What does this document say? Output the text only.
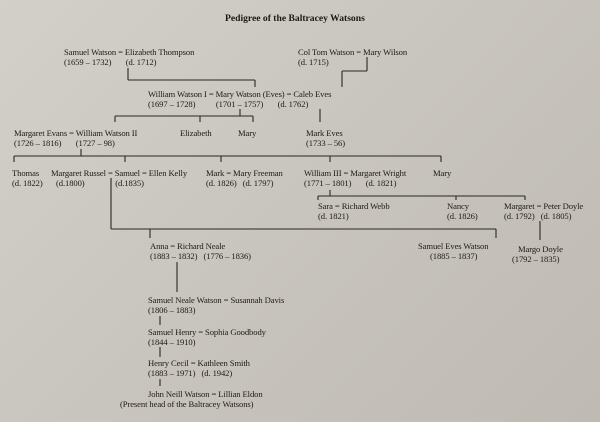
Pedigree of the Baltracey Watsons
Samuel Watson = Elizabeth Thompson
(1659 – 1732)       (d. 1712)
Col Tom Watson = Mary Wilson
(d. 1715)
William Watson I = Mary Watson (Eves) = Caleb Eves
(1697 – 1728)          (1701 – 1757)       (d. 1762)
Margaret Evans = William Watson II
(1726 – 1816)       (1727 – 98)
Elizabeth	Mary	Mark Eves
(1733 – 56)
Thomas
(d. 1822)
Margaret Russel = Samuel = Ellen Kelly
(d.1800)               (d.1835)
Mark = Mary Freeman
(d. 1826)   (d. 1797)
William III = Margaret Wright
(1771 – 1801)       (d. 1821)
Mary
Sara = Richard Webb
(d. 1821)
Nancy
(d. 1826)
Margaret = Peter Doyle
(d. 1792)   (d. 1805)
Anna = Richard Neale
(1883 – 1832)   (1776 – 1836)
Samuel Eves Watson
(1885 – 1837)
Margo Doyle
(1792 – 1835)
Samuel Neale Watson = Susannah Davis
(1806 – 1883)
Samuel Henry = Sophia Goodbody
(1844 – 1910)
Henry Cecil = Kathleen Smith
(1883 – 1971)   (d. 1942)
John Neill Watson = Lillian Eldon
(Present head of the Baltracey Watsons)
